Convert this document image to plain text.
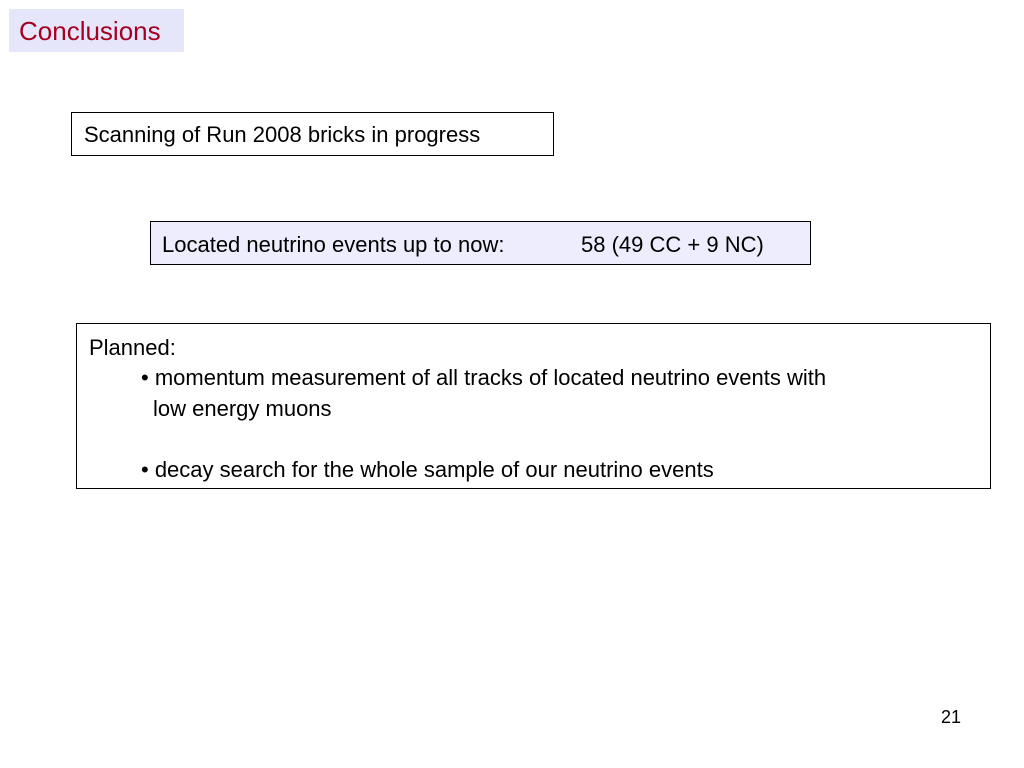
Conclusions
Scanning of Run 2008 bricks in progress
Located neutrino events up to now:	58 (49 CC + 9 NC)
Planned:
• momentum measurement of all tracks of located neutrino events with
low energy muons
• decay search for the whole sample of our neutrino events
21
